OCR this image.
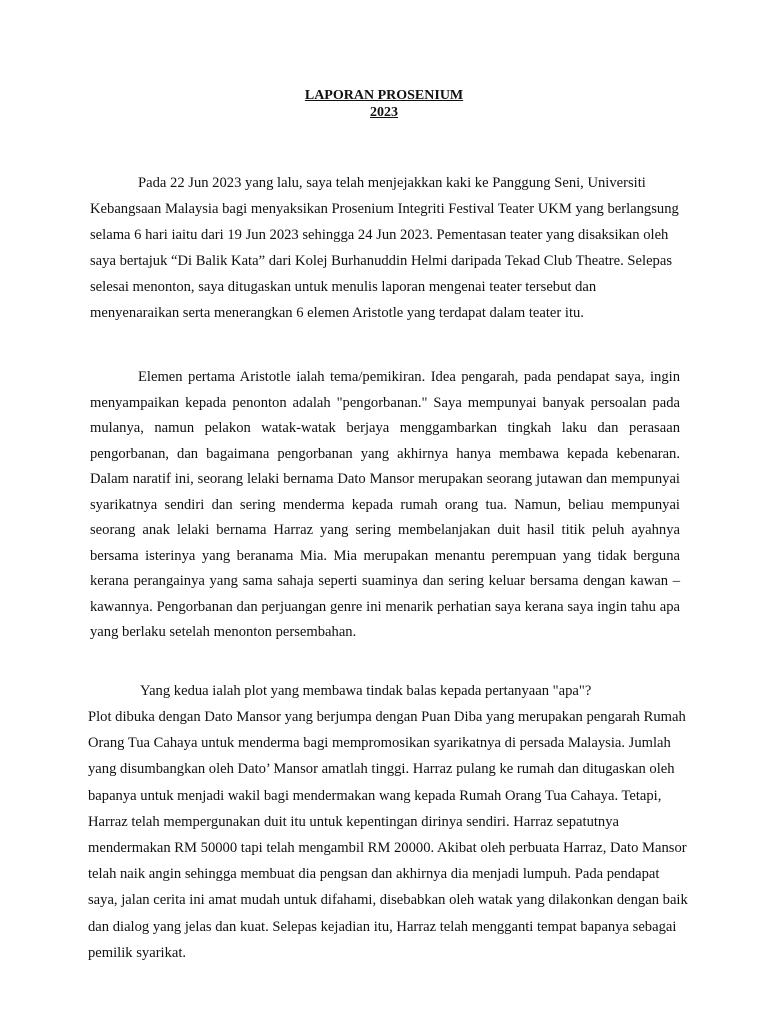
LAPORAN PROSENIUM
2023

Pada 22 Jun 2023 yang lalu, saya telah menjejakkan kaki ke Panggung Seni, Universiti Kebangsaan Malaysia bagi menyaksikan Prosenium Integriti Festival Teater UKM yang berlangsung selama 6 hari iaitu dari 19 Jun 2023 sehingga 24 Jun 2023. Pementasan teater yang disaksikan oleh saya bertajuk “Di Balik Kata” dari Kolej Burhanuddin Helmi daripada Tekad Club Theatre. Selepas selesai menonton, saya ditugaskan untuk menulis laporan mengenai teater tersebut dan menyenaraikan serta menerangkan 6 elemen Aristotle yang terdapat dalam teater itu.

Elemen pertama Aristotle ialah tema/pemikiran. Idea pengarah, pada pendapat saya, ingin menyampaikan kepada penonton adalah "pengorbanan." Saya mempunyai banyak persoalan pada mulanya, namun pelakon watak-watak berjaya menggambarkan tingkah laku dan perasaan pengorbanan, dan bagaimana pengorbanan yang akhirnya hanya membawa kepada kebenaran. Dalam naratif ini, seorang lelaki bernama Dato Mansor merupakan seorang jutawan dan mempunyai syarikatnya sendiri dan sering menderma kepada rumah orang tua. Namun, beliau mempunyai seorang anak lelaki bernama Harraz yang sering membelanjakan duit hasil titik peluh ayahnya bersama isterinya yang beranama Mia. Mia merupakan menantu perempuan yang tidak berguna kerana perangainya yang sama sahaja seperti suaminya dan sering keluar bersama dengan kawan – kawannya. Pengorbanan dan perjuangan genre ini menarik perhatian saya kerana saya ingin tahu apa yang berlaku setelah menonton persembahan.

Yang kedua ialah plot yang membawa tindak balas kepada pertanyaan "apa"?

Plot dibuka dengan Dato Mansor yang berjumpa dengan Puan Diba yang merupakan pengarah Rumah Orang Tua Cahaya untuk menderma bagi mempromosikan syarikatnya di persada Malaysia. Jumlah yang disumbangkan oleh Dato’ Mansor amatlah tinggi. Harraz pulang ke rumah dan ditugaskan oleh bapanya untuk menjadi wakil bagi mendermakan wang kepada Rumah Orang Tua Cahaya. Tetapi, Harraz telah mempergunakan duit itu untuk kepentingan dirinya sendiri. Harraz sepatutnya mendermakan RM 50000 tapi telah mengambil RM 20000. Akibat oleh perbuata Harraz, Dato Mansor telah naik angin sehingga membuat dia pengsan dan akhirnya dia menjadi lumpuh. Pada pendapat saya, jalan cerita ini amat mudah untuk difahami, disebabkan oleh watak yang dilakonkan dengan baik dan dialog yang jelas dan kuat. Selepas kejadian itu, Harraz telah mengganti tempat bapanya sebagai pemilik syarikat.
